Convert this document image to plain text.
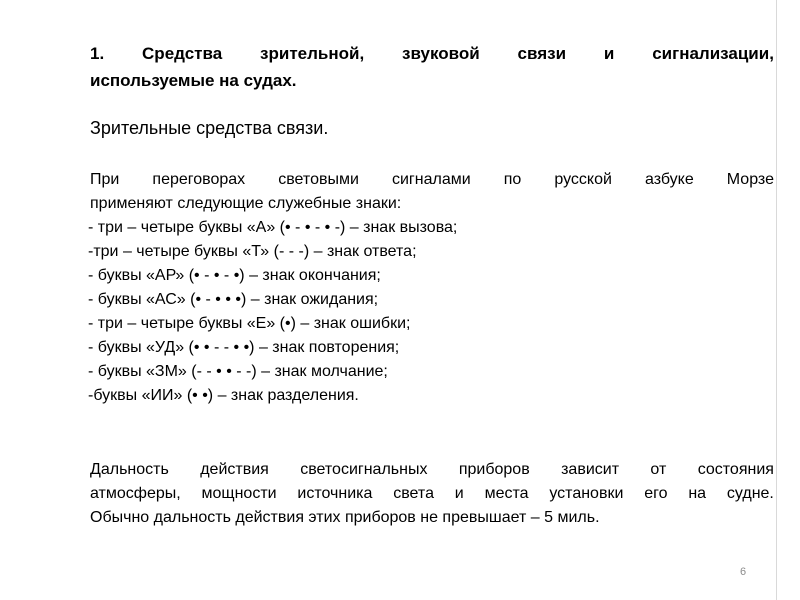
1. Средства зрительной, звуковой связи и сигнализации,
используемые на судах.
Зрительные средства связи.
При переговорах световыми сигналами по русской азбуке Морзе
применяют следующие служебные знаки:
- три – четыре буквы «А» (• - • - • -) – знак вызова;
-три – четыре буквы «Т» (- - -) – знак ответа;
- буквы «АР» (• - • - •) – знак окончания;
- буквы «АС» (• - • • •) – знак ожидания;
- три – четыре буквы «Е» (•) – знак ошибки;
- буквы «УД» (• • - - • •) – знак повторения;
- буквы «ЗМ» (- - • • - -) – знак молчание;
-буквы «ИИ» (• •) – знак разделения.
Дальность действия светосигнальных приборов зависит от состояния
атмосферы, мощности источника света и места установки его на судне.
Обычно дальность действия этих приборов не превышает – 5 миль.
6
